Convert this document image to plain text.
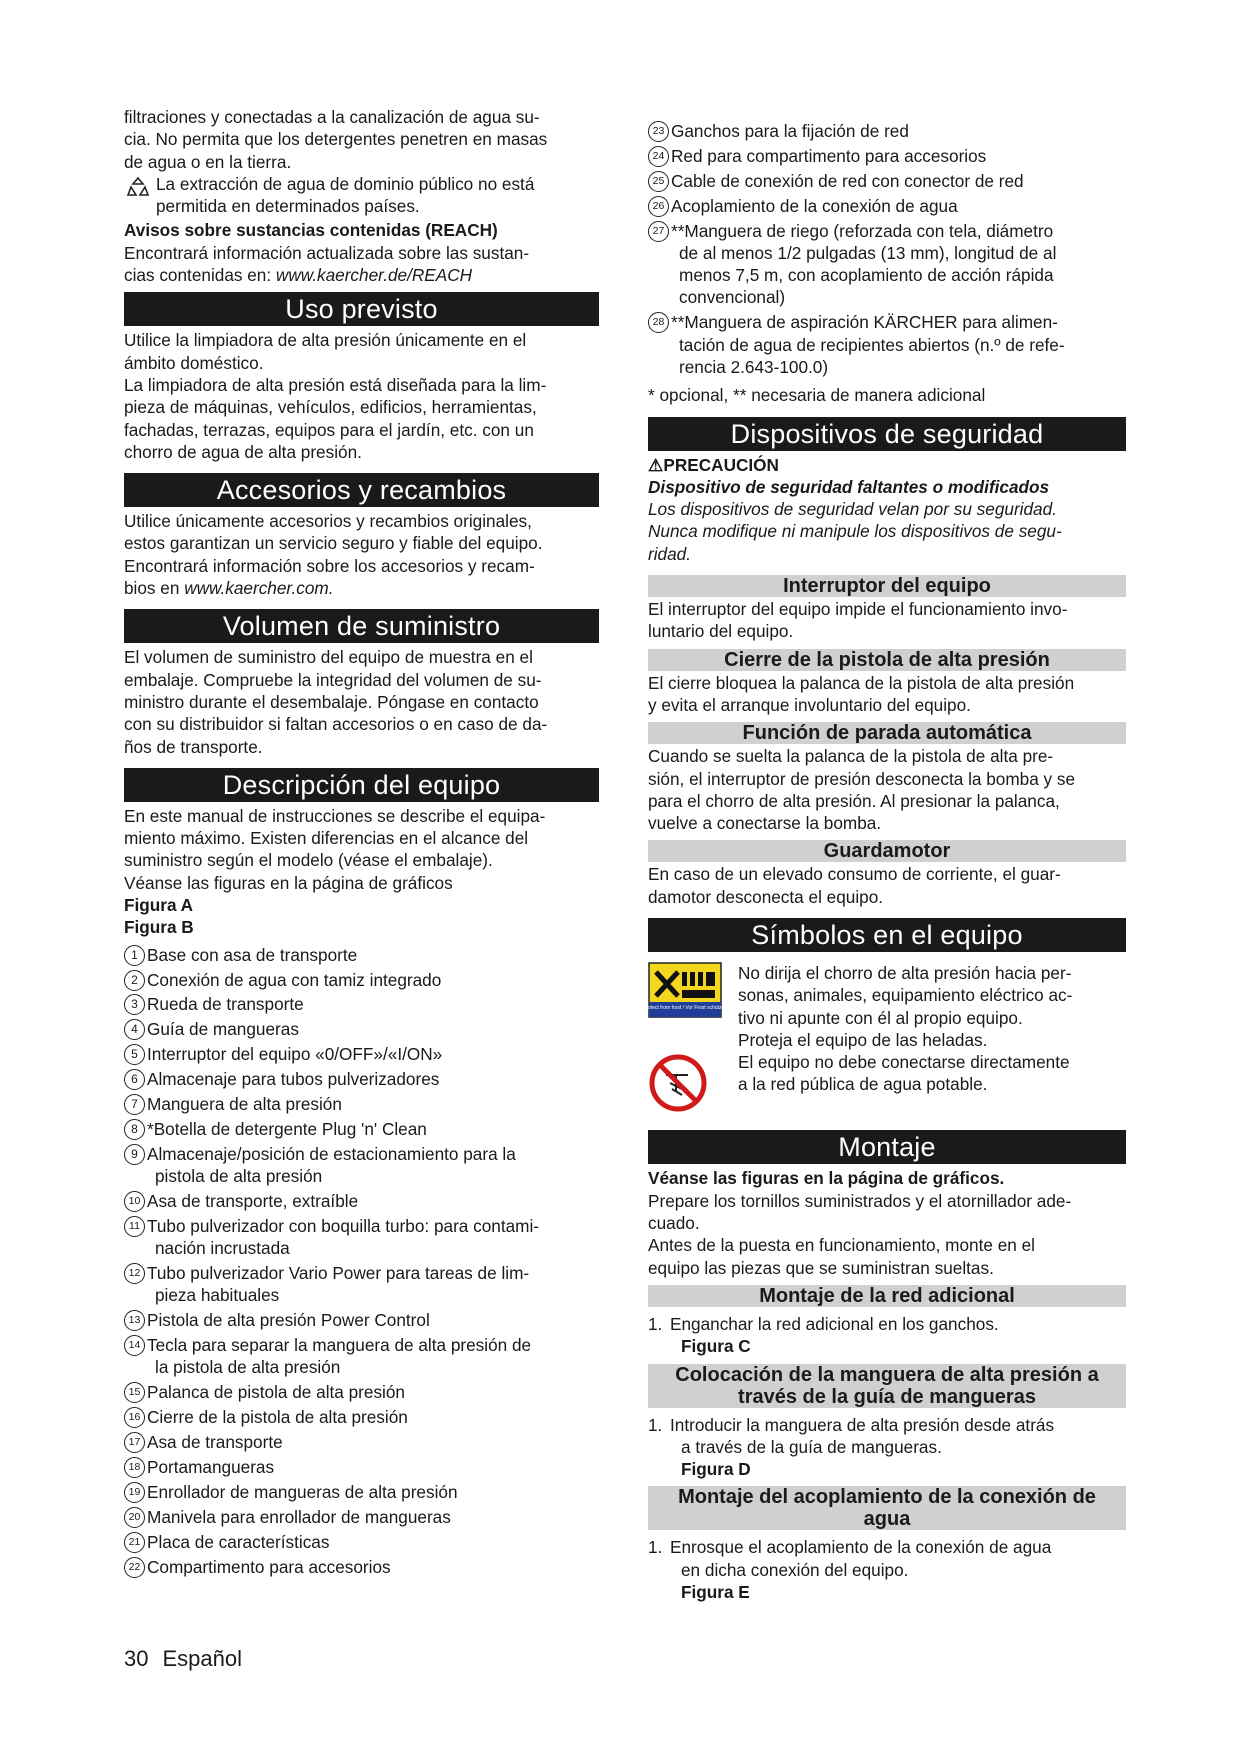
filtraciones y conectadas a la canalización de agua su-

cia. No permita que los detergentes penetren en masas

de agua o en la tierra.

La extracción de agua de dominio público no está

permitida en determinados países.

Avisos sobre sustancias contenidas (REACH)

Encontrará información actualizada sobre las sustan-

cias contenidas en: www.kaercher.de/REACH

Uso previsto

Utilice la limpiadora de alta presión únicamente en el

ámbito doméstico.

La limpiadora de alta presión está diseñada para la lim-

pieza de máquinas, vehículos, edificios, herramientas,

fachadas, terrazas, equipos para el jardín, etc. con un

chorro de agua de alta presión.

Accesorios y recambios

Utilice únicamente accesorios y recambios originales,

estos garantizan un servicio seguro y fiable del equipo.

Encontrará información sobre los accesorios y recam-

bios en www.kaercher.com.

Volumen de suministro

El volumen de suministro del equipo de muestra en el

embalaje. Compruebe la integridad del volumen de su-

ministro durante el desembalaje. Póngase en contacto

con su distribuidor si faltan accesorios o en caso de da-

ños de transporte.

Descripción del equipo

En este manual de instrucciones se describe el equipa-

miento máximo. Existen diferencias en el alcance del

suministro según el modelo (véase el embalaje).

Véanse las figuras en la página de gráficos

Figura A

Figura B

1 Base con asa de transporte
2 Conexión de agua con tamiz integrado
3 Rueda de transporte
4 Guía de mangueras
5 Interruptor del equipo «0/OFF»/«I/ON»
6 Almacenaje para tubos pulverizadores
7 Manguera de alta presión
8 *Botella de detergente Plug 'n' Clean
9 Almacenaje/posición de estacionamiento para la
pistola de alta presión
10 Asa de transporte, extraíble
11 Tubo pulverizador con boquilla turbo: para contami-
nación incrustada
12 Tubo pulverizador Vario Power para tareas de lim-
pieza habituales
13 Pistola de alta presión Power Control
14 Tecla para separar la manguera de alta presión de
la pistola de alta presión
15 Palanca de pistola de alta presión
16 Cierre de la pistola de alta presión
17 Asa de transporte
18 Portamangueras
19 Enrollador de mangueras de alta presión
20 Manivela para enrollador de mangueras
21 Placa de características
22 Compartimento para accesorios
23 Ganchos para la fijación de red
24 Red para compartimento para accesorios
25 Cable de conexión de red con conector de red
26 Acoplamiento de la conexión de agua
27 **Manguera de riego (reforzada con tela, diámetro
de al menos 1/2 pulgadas (13 mm), longitud de al
menos 7,5 m, con acoplamiento de acción rápida
convencional)
28 **Manguera de aspiración KÄRCHER para alimen-
tación de agua de recipientes abiertos (n.º de refe-
rencia 2.643-100.0)

* opcional, ** necesaria de manera adicional

Dispositivos de seguridad

⚠PRECAUCIÓN

Dispositivo de seguridad faltantes o modificados

Los dispositivos de seguridad velan por su seguridad.

Nunca modifique ni manipule los dispositivos de segu-

ridad.

Interruptor del equipo

El interruptor del equipo impide el funcionamiento invo-

luntario del equipo.

Cierre de la pistola de alta presión

El cierre bloquea la palanca de la pistola de alta presión

y evita el arranque involuntario del equipo.

Función de parada automática

Cuando se suelta la palanca de la pistola de alta pre-

sión, el interruptor de presión desconecta la bomba y se

para el chorro de alta presión. Al presionar la palanca,

vuelve a conectarse la bomba.

Guardamotor

En caso de un elevado consumo de corriente, el guar-

damotor desconecta el equipo.

Símbolos en el equipo
Protect from frost / Vor Frost schützen

No dirija el chorro de alta presión hacia per-

sonas, animales, equipamiento eléctrico ac-

tivo ni apunte con él al propio equipo.

Proteja el equipo de las heladas.

El equipo no debe conectarse directamente

a la red pública de agua potable.

Montaje

Véanse las figuras en la página de gráficos.

Prepare los tornillos suministrados y el atornillador ade-

cuado.

Antes de la puesta en funcionamiento, monte en el

equipo las piezas que se suministran sueltas.

Montaje de la red adicional
1. Enganchar la red adicional en los ganchos.

Figura C

Colocación de la manguera de alta presión a
través de la guía de mangueras
1. Introducir la manguera de alta presión desde atrás

a través de la guía de mangueras.

Figura D

Montaje del acoplamiento de la conexión de
agua
1. Enrosque el acoplamiento de la conexión de agua

en dicha conexión del equipo.

Figura E

30 Español
